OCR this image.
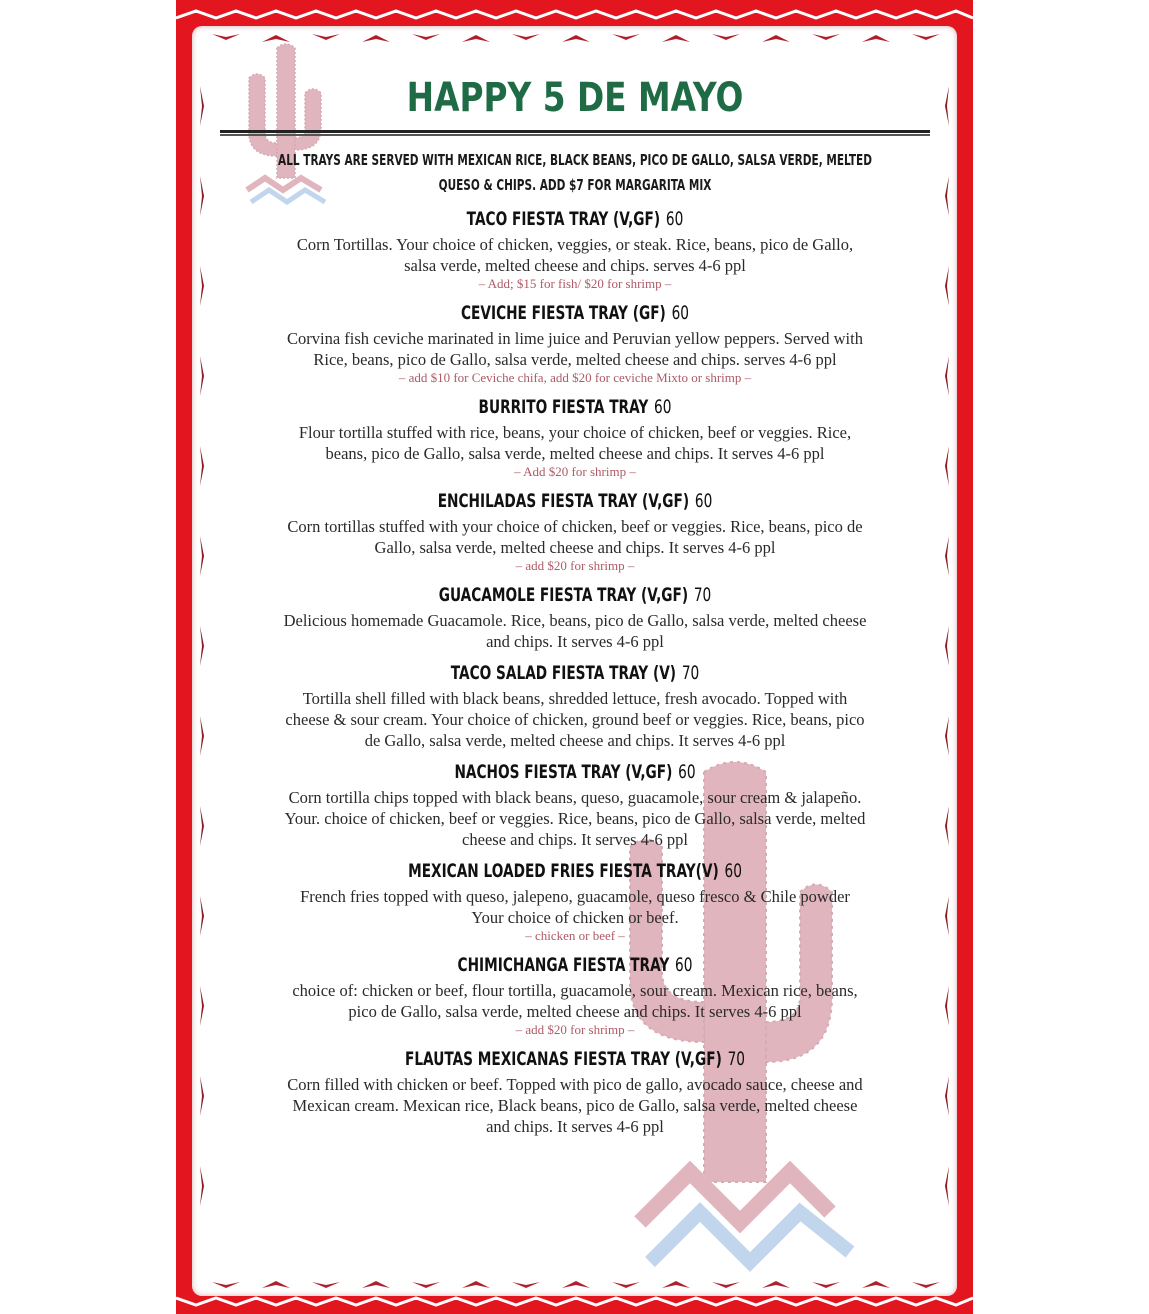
HAPPY 5 DE MAYO
ALL TRAYS ARE SERVED WITH MEXICAN RICE, BLACK BEANS, PICO DE GALLO, SALSA VERDE, MELTED
QUESO & CHIPS. ADD $7 FOR MARGARITA MIX
TACO FIESTA TRAY (V,GF) 60
Corn Tortillas. Your choice of chicken, veggies, or steak. Rice, beans, pico de Gallo,
salsa verde, melted cheese and chips. serves 4-6 ppl
– Add; $15 for fish/ $20 for shrimp –
CEVICHE FIESTA TRAY (GF) 60
Corvina fish ceviche marinated in lime juice and Peruvian yellow peppers. Served with
Rice, beans, pico de Gallo, salsa verde, melted cheese and chips. serves 4-6 ppl
– add $10 for Ceviche chifa, add $20 for ceviche Mixto or shrimp –
BURRITO FIESTA TRAY 60
Flour tortilla stuffed with rice, beans, your choice of chicken, beef or veggies. Rice,
beans, pico de Gallo, salsa verde, melted cheese and chips. It serves 4-6 ppl
– Add $20 for shrimp –
ENCHILADAS FIESTA TRAY (V,GF) 60
Corn tortillas stuffed with your choice of chicken, beef or veggies. Rice, beans, pico de
Gallo, salsa verde, melted cheese and chips. It serves 4-6 ppl
– add $20 for shrimp –
GUACAMOLE FIESTA TRAY (V,GF) 70
Delicious homemade Guacamole. Rice, beans, pico de Gallo, salsa verde, melted cheese
and chips. It serves 4-6 ppl
TACO SALAD FIESTA TRAY (V) 70
Tortilla shell filled with black beans, shredded lettuce, fresh avocado. Topped with
cheese & sour cream. Your choice of chicken, ground beef or veggies. Rice, beans, pico
de Gallo, salsa verde, melted cheese and chips. It serves 4-6 ppl
NACHOS FIESTA TRAY (V,GF) 60
Corn tortilla chips topped with black beans, queso, guacamole, sour cream & jalapeño.
Your. choice of chicken, beef or veggies. Rice, beans, pico de Gallo, salsa verde, melted
cheese and chips. It serves 4-6 ppl
MEXICAN LOADED FRIES FIESTA TRAY(V) 60
French fries topped with queso, jalepeno, guacamole, queso fresco & Chile powder
Your choice of chicken or beef.
– chicken or beef –
CHIMICHANGA FIESTA TRAY 60
choice of: chicken or beef, flour tortilla, guacamole, sour cream. Mexican rice, beans,
pico de Gallo, salsa verde, melted cheese and chips. It serves 4-6 ppl
– add $20 for shrimp –
FLAUTAS MEXICANAS FIESTA TRAY (V,GF) 70
Corn filled with chicken or beef. Topped with pico de gallo, avocado sauce, cheese and
Mexican cream. Mexican rice, Black beans, pico de Gallo, salsa verde, melted cheese
and chips. It serves 4-6 ppl
